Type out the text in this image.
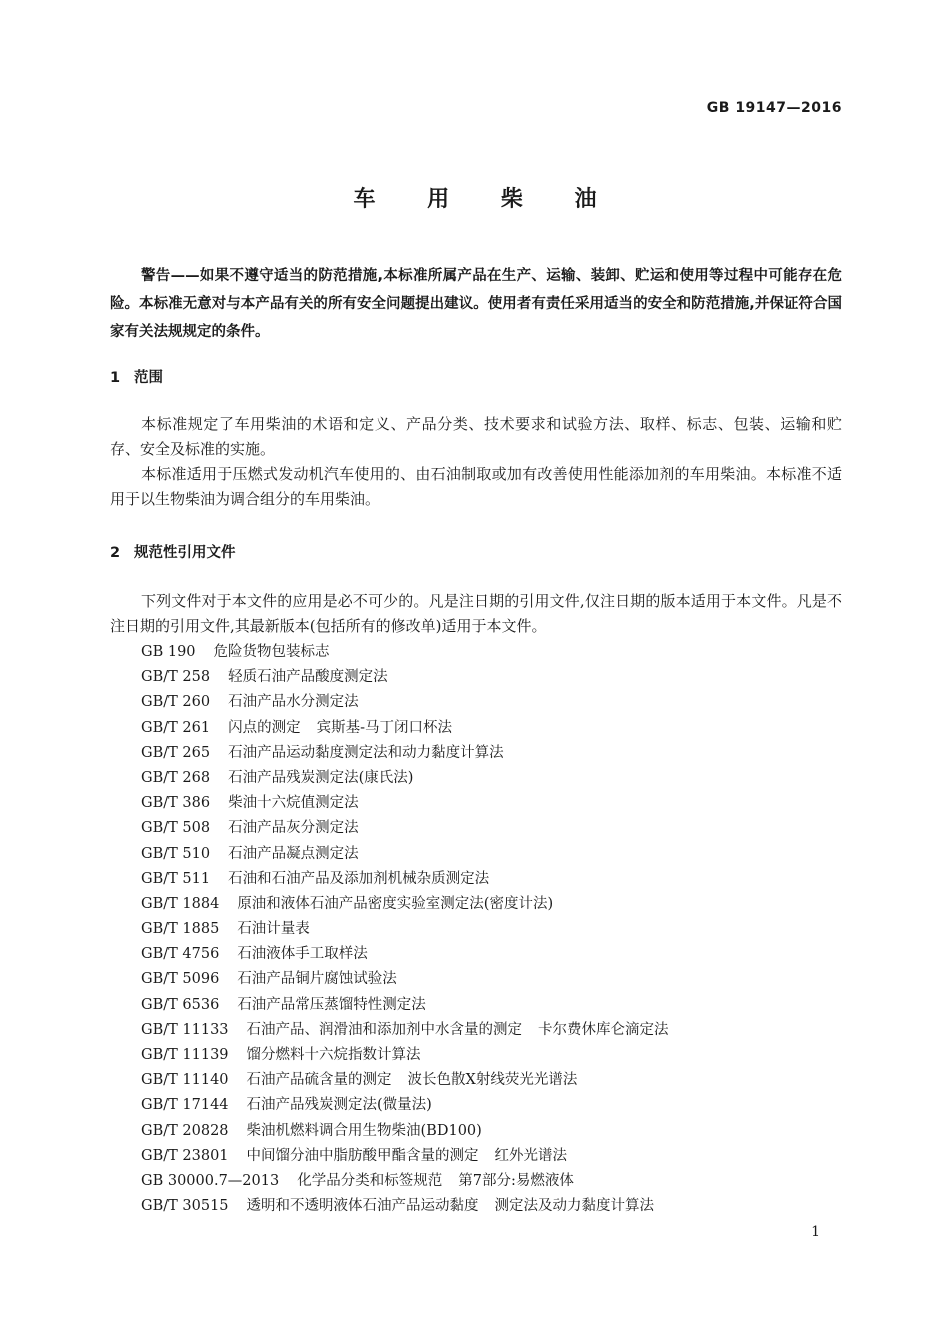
GB 19147—2016
车 用 柴 油
警告——如果不遵守适当的防范措施,本标准所属产品在生产、运输、装卸、贮运和使用等过程中可能存在危险。本标准无意对与本产品有关的所有安全问题提出建议。使用者有责任采用适当的安全和防范措施,并保证符合国家有关法规规定的条件。
1 范围

本标准规定了车用柴油的术语和定义、产品分类、技术要求和试验方法、取样、标志、包装、运输和贮存、安全及标准的实施。

本标准适用于压燃式发动机汽车使用的、由石油制取或加有改善使用性能添加剂的车用柴油。本标准不适用于以生物柴油为调合组分的车用柴油。

2 规范性引用文件

下列文件对于本文件的应用是必不可少的。凡是注日期的引用文件,仅注日期的版本适用于本文件。凡是不注日期的引用文件,其最新版本(包括所有的修改单)适用于本文件。

GB 190 危险货物包装标志
GB/T 258 轻质石油产品酸度测定法
GB/T 260 石油产品水分测定法
GB/T 261 闪点的测定 宾斯基-马丁闭口杯法
GB/T 265 石油产品运动黏度测定法和动力黏度计算法
GB/T 268 石油产品残炭测定法(康氏法)
GB/T 386 柴油十六烷值测定法
GB/T 508 石油产品灰分测定法
GB/T 510 石油产品凝点测定法
GB/T 511 石油和石油产品及添加剂机械杂质测定法
GB/T 1884 原油和液体石油产品密度实验室测定法(密度计法)
GB/T 1885 石油计量表
GB/T 4756 石油液体手工取样法
GB/T 5096 石油产品铜片腐蚀试验法
GB/T 6536 石油产品常压蒸馏特性测定法
GB/T 11133 石油产品、润滑油和添加剂中水含量的测定 卡尔费休库仑滴定法
GB/T 11139 馏分燃料十六烷指数计算法
GB/T 11140 石油产品硫含量的测定 波长色散X射线荧光光谱法
GB/T 17144 石油产品残炭测定法(微量法)
GB/T 20828 柴油机燃料调合用生物柴油(BD100)
GB/T 23801 中间馏分油中脂肪酸甲酯含量的测定 红外光谱法
GB 30000.7—2013 化学品分类和标签规范 第7部分:易燃液体
GB/T 30515 透明和不透明液体石油产品运动黏度 测定法及动力黏度计算法
1
